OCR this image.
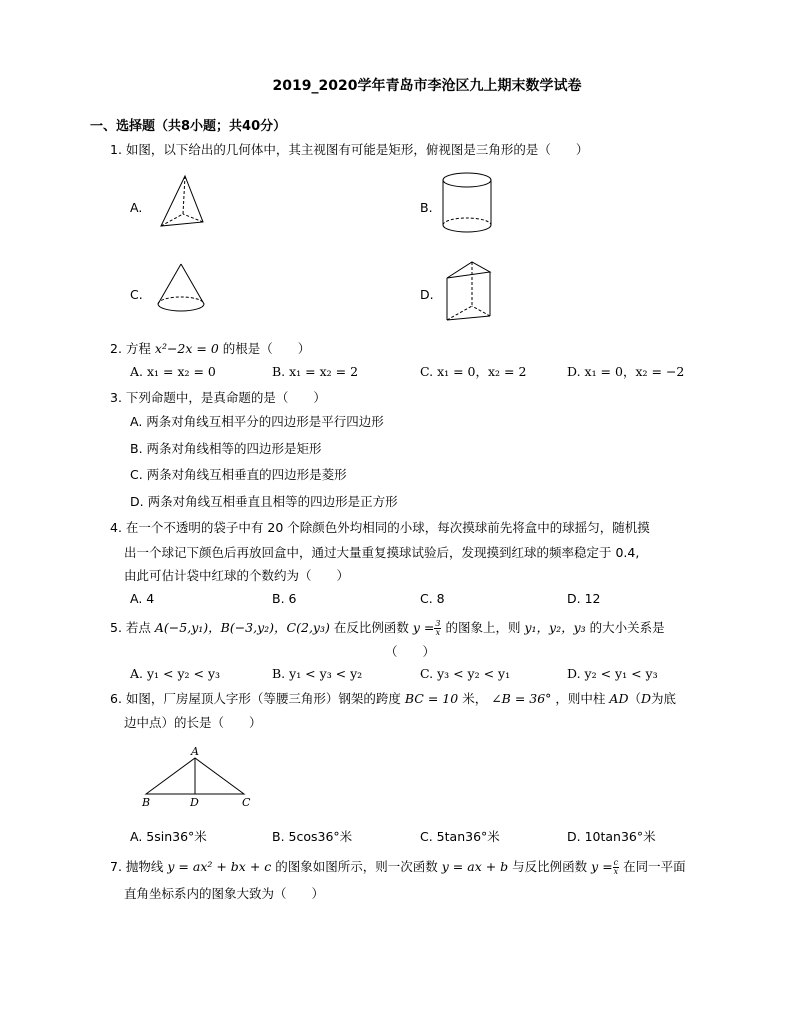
2019_2020学年青岛市李沧区九上期末数学试卷
一、选择题（共8小题；共40分）
1. 如图，以下给出的几何体中，其主视图有可能是矩形，俯视图是三角形的是（　　）
A.	B.
C.	D.
2. 方程 x²−2x = 0 的根是（　　）
A. x₁ = x₂ = 0	B. x₁ = x₂ = 2	C. x₁ = 0，x₂ = 2	D. x₁ = 0，x₂ = −2
3. 下列命题中，是真命题的是（　　）
A. 两条对角线互相平分的四边形是平行四边形
B. 两条对角线相等的四边形是矩形
C. 两条对角线互相垂直的四边形是菱形
D. 两条对角线互相垂直且相等的四边形是正方形
4. 在一个不透明的袋子中有 20 个除颜色外均相同的小球，每次摸球前先将盒中的球摇匀，随机摸
出一个球记下颜色后再放回盒中，通过大量重复摸球试验后，发现摸到红球的频率稳定于 0.4,
由此可估计袋中红球的个数约为（　　）
A. 4	B. 6	C. 8	D. 12
5. 若点 A(−5,y₁)，B(−3,y₂)，C(2,y₃) 在反比例函数 $y = \frac{3}{x}$ 的图象上，则 y₁，y₂，y₃ 的大小关系是
（　　）
A. y₁ < y₂ < y₃	B. y₁ < y₃ < y₂	C. y₃ < y₂ < y₁	D. y₂ < y₁ < y₃
6. 如图，厂房屋顶人字形（等腰三角形）钢架的跨度 BC = 10 米， ∠B = 36° ，则中柱 AD（D为底
边中点）的长是（　　）
A
B	D	C
A. 5sin36°米	B. 5cos36°米	C. 5tan36°米	D. 10tan36°米
7. 抛物线 y = ax² + bx + c 的图象如图所示，则一次函数 y = ax + b 与反比例函数 $y = \frac{c}{x}$ 在同一平面
直角坐标系内的图象大致为（　　）
